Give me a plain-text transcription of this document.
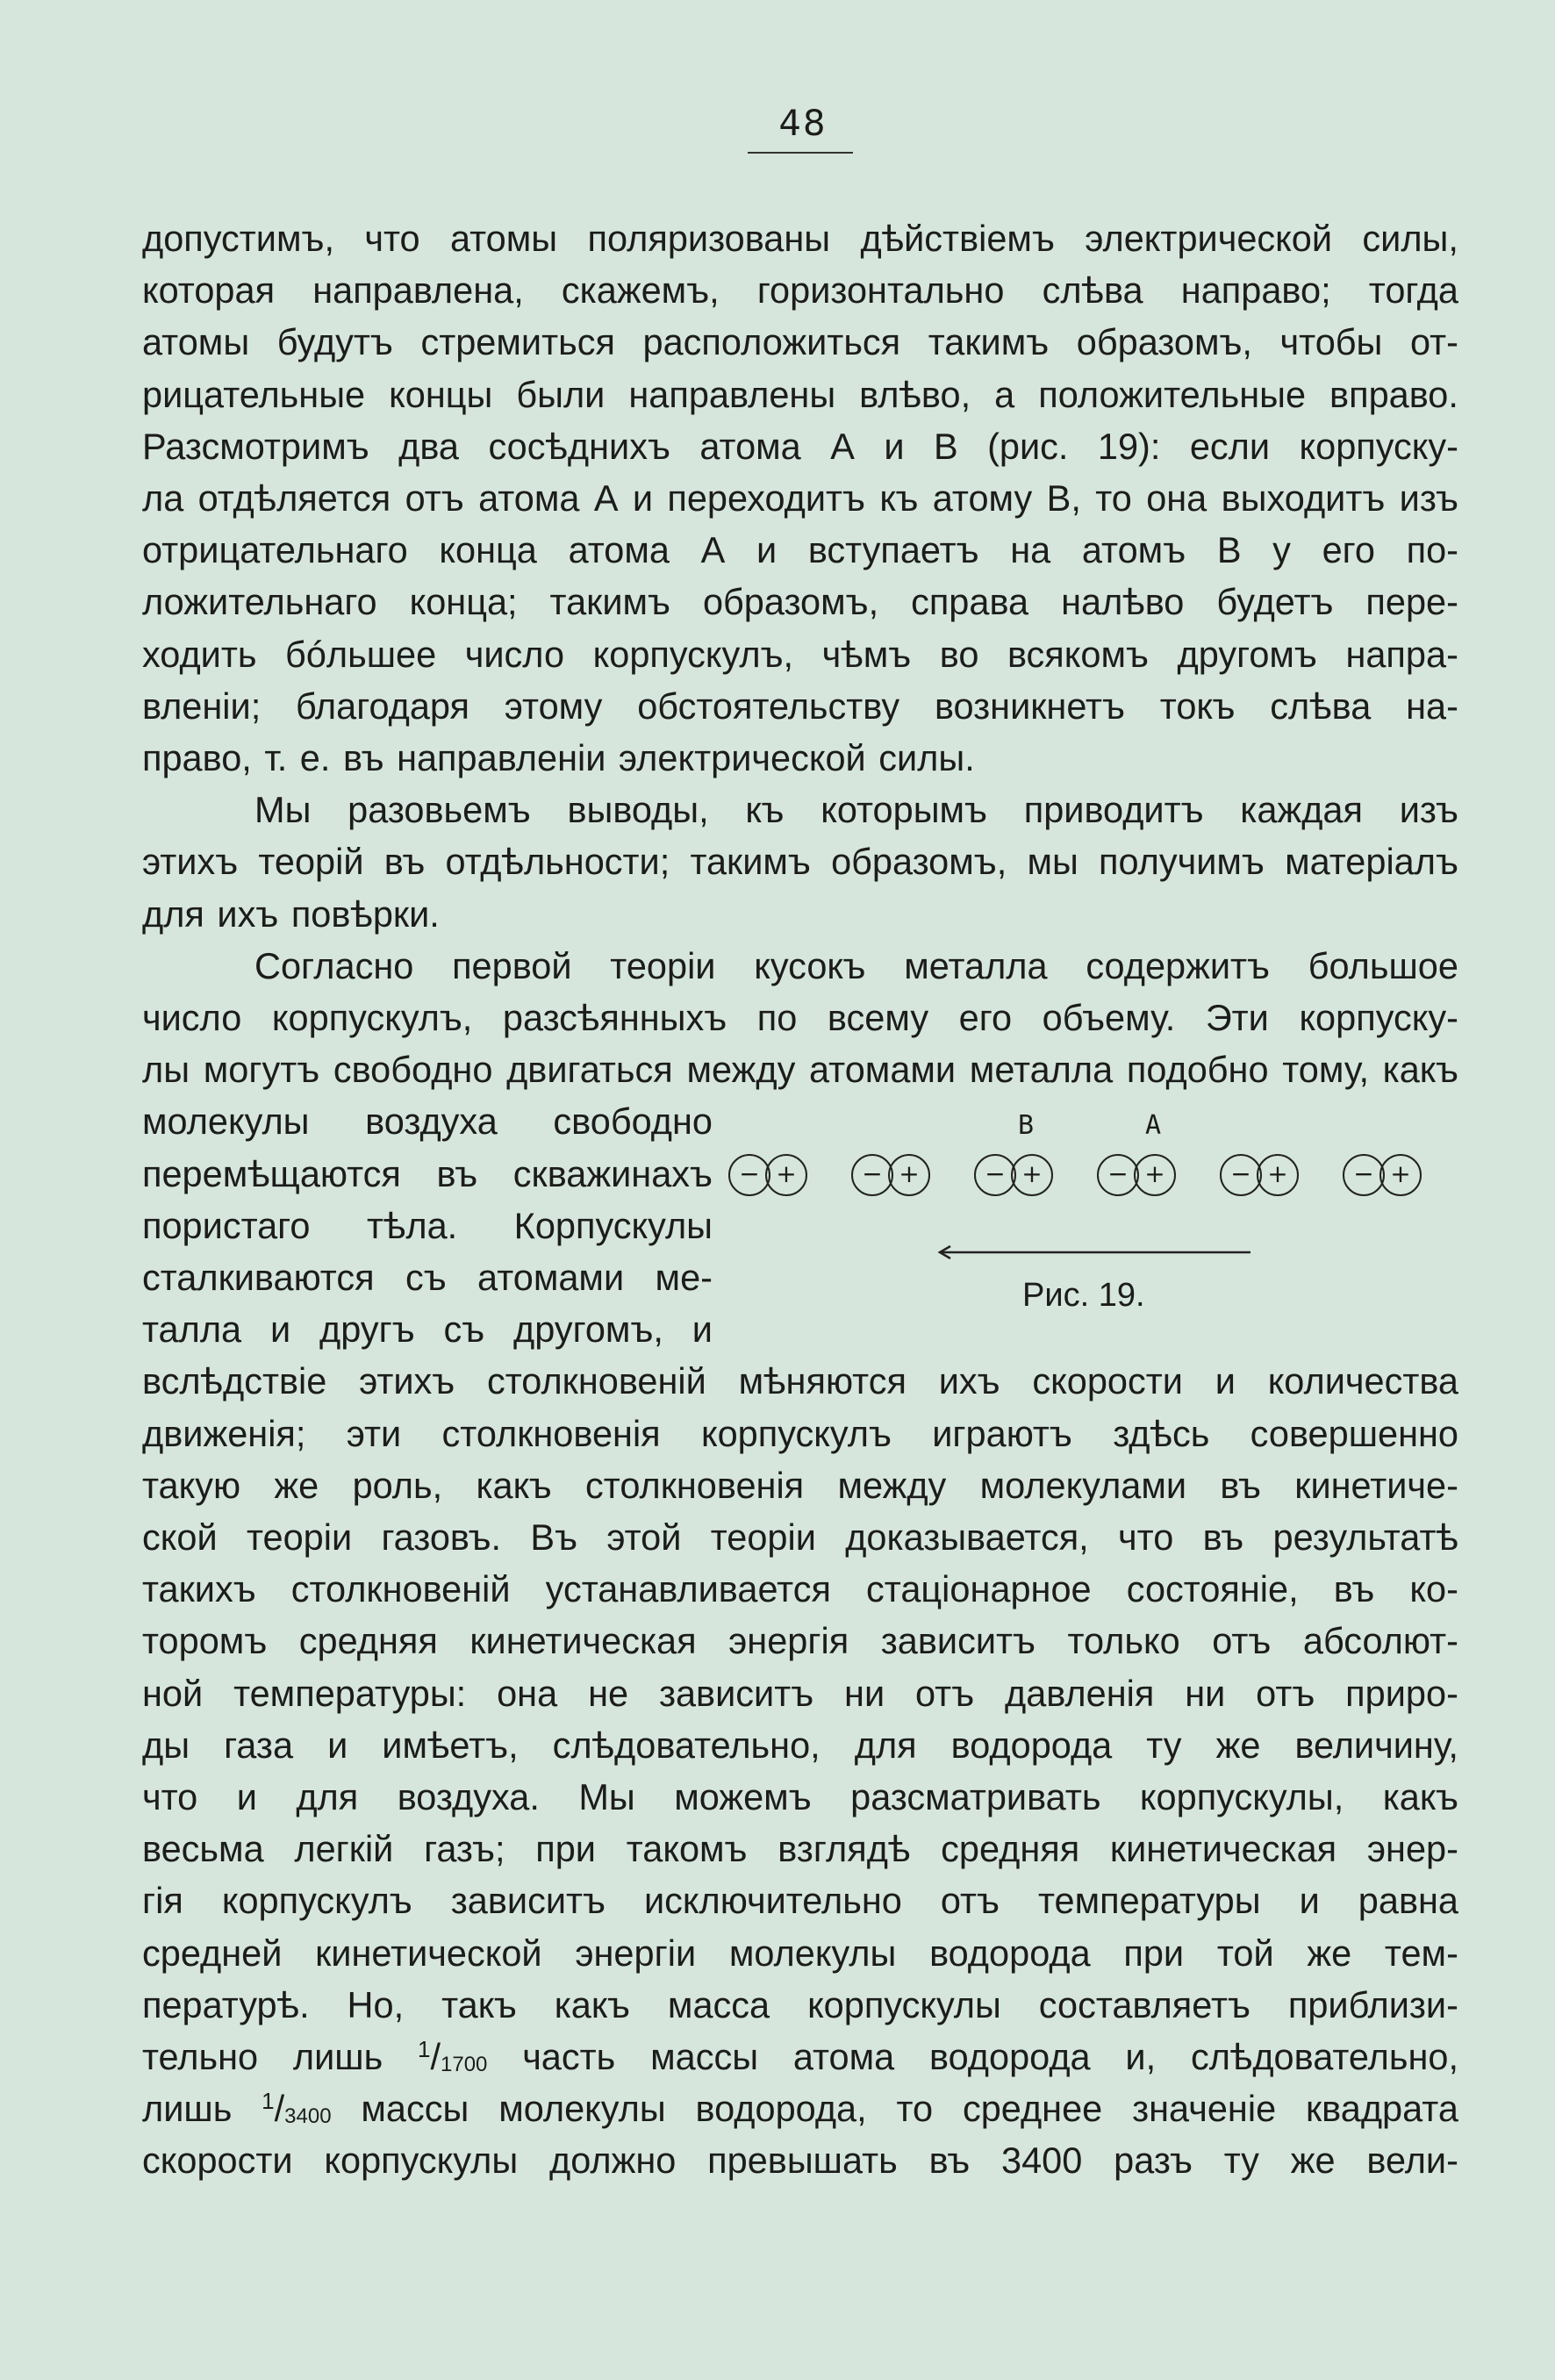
48
допустимъ, что атомы поляризованы дѣйствiемъ электрической силы,
которая направлена, скажемъ, горизонтально слѣва направо; тогда
атомы будутъ стремиться расположиться такимъ образомъ, чтобы от-
рицательные концы были направлены влѣво, а положительные вправо.
Разсмотримъ два сосѣднихъ атома A и B (рис. 19): если корпуску-
ла отдѣляется отъ атома A и переходитъ къ атому B, то она выходитъ изъ
отрицательнаго конца атома A и вступаетъ на атомъ B у его по-
ложительнаго конца; такимъ образомъ, справа налѣво будетъ пере-
ходить бóльшее число корпускулъ, чѣмъ во всякомъ другомъ напра-
вленiи; благодаря этому обстоятельству возникнетъ токъ слѣва на-
право, т. е. въ направленiи электрической силы.
Мы разовьемъ выводы, къ которымъ приводитъ каждая изъ
этихъ теорiй въ отдѣльности; такимъ образомъ, мы получимъ матерiалъ
для ихъ повѣрки.
Согласно первой теорiи кусокъ металла содержитъ большое
число корпускулъ, разсѣянныхъ по всему его объему. Эти корпуску-
лы могутъ свободно двигаться между атомами металла подобно тому, какъ
молекулы воздуха свободно
перемѣщаются въ скважинахъ
пористаго тѣла. Корпускулы
сталкиваются съ атомами ме-
талла и другъ съ другомъ, и
вслѣдствiе этихъ столкновенiй мѣняются ихъ скорости и количества
движенiя; эти столкновенiя корпускулъ играютъ здѣсь совершенно
такую же роль, какъ столкновенiя между молекулами въ кинетиче-
ской теорiи газовъ. Въ этой теорiи доказывается, что въ результатѣ
такихъ столкновенiй устанавливается стацiонарное состоянiе, въ ко-
торомъ средняя кинетическая энергiя зависитъ только отъ абсолют-
ной температуры: она не зависитъ ни отъ давленiя ни отъ приро-
ды газа и имѣетъ, слѣдовательно, для водорода ту же величину,
что и для воздуха. Мы можемъ разсматривать корпускулы, какъ
весьма легкiй газъ; при такомъ взглядѣ средняя кинетическая энер-
гiя корпускулъ зависитъ исключительно отъ температуры и равна
средней кинетической энергiи молекулы водорода при той же тем-
пературѣ. Но, такъ какъ масса корпускулы составляетъ приблизи-
тельно лишь 1/1700 часть массы атома водорода и, слѣдовательно,
лишь 1/3400 массы молекулы водорода, то среднее значенiе квадрата
скорости корпускулы должно превышать въ 3400 разъ ту же вели-
B	A
− +	− +	− +	− +	− +	− +
Рис. 19.
